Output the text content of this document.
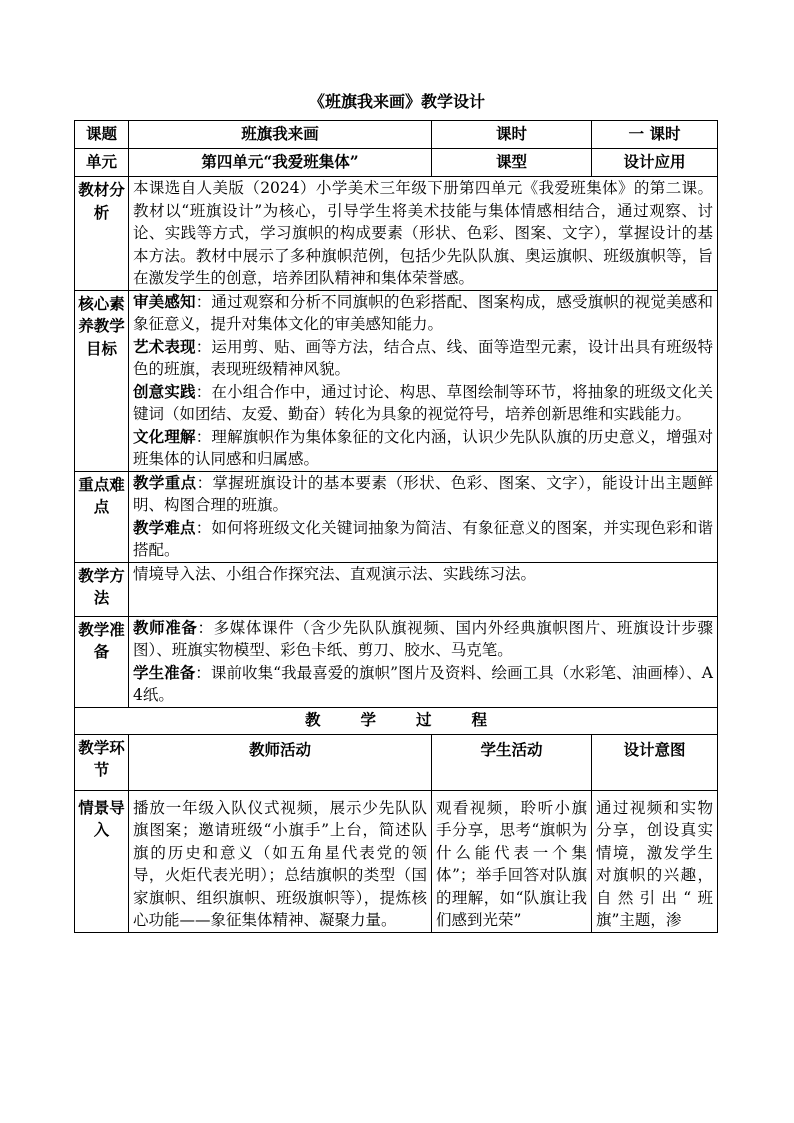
《班旗我来画》教学设计
课题	班旗我来画	课时	一 课时
单元	第四单元“我爱班集体”	课型	设计应用
教材分析	本课选自人美版（2024）小学美术三年级下册第四单元《我爱班集体》的第二课。教材以“班旗设计”为核心，引导学生将美术技能与集体情感相结合，通过观察、讨论、实践等方式，学习旗帜的构成要素（形状、色彩、图案、文字），掌握设计的基本方法。教材中展示了多种旗帜范例，包括少先队队旗、奥运旗帜、班级旗帜等，旨在激发学生的创意，培养团队精神和集体荣誉感。		

核心素养教学目标	审美感知：通过观察和分析不同旗帜的色彩搭配、图案构成，感受旗帜的视觉美感和象征意义，提升对集体文化的审美感知能力。

艺术表现：运用剪、贴、画等方法，结合点、线、面等造型元素，设计出具有班级特色的班旗，表现班级精神风貌。

创意实践：在小组合作中，通过讨论、构思、草图绘制等环节，将抽象的班级文化关键词（如团结、友爱、勤奋）转化为具象的视觉符号，培养创新思维和实践能力。

文化理解：理解旗帜作为集体象征的文化内涵，认识少先队队旗的历史意义，增强对班集体的认同感和归属感。		

重点难点	教学重点：掌握班旗设计的基本要素（形状、色彩、图案、文字），能设计出主题鲜明、构图合理的班旗。

教学难点：如何将班级文化关键词抽象为简洁、有象征意义的图案，并实现色彩和谐搭配。		

教学方法	情境导入法、小组合作探究法、直观演示法、实践练习法。		

教学准备	教师准备：多媒体课件（含少先队队旗视频、国内外经典旗帜图片、班旗设计步骤图）、班旗实物模型、彩色卡纸、剪刀、胶水、马克笔。

学生准备：课前收集“我最喜爱的旗帜”图片及资料、绘画工具（水彩笔、油画棒）、A4纸。		

教学过程			
教学环节	教师活动	学生活动	设计意图
情景导入	播放一年级入队仪式视频，展示少先队队旗图案；邀请班级“小旗手”上台，简述队旗的历史和意义（如五角星代表党的领导，火炬代表光明）；总结旗帜的类型（国家旗帜、组织旗帜、班级旗帜等），提炼核心功能——象征集体精神、凝聚力量。	观看视频，聆听小旗手分享，思考“旗帜为什么能代表一个集体”；举手回答对队旗的理解，如“队旗让我们感到光荣”	通过视频和实物分享，创设真实情境，激发学生对旗帜的兴趣，自然引出“班旗”主题，渗
